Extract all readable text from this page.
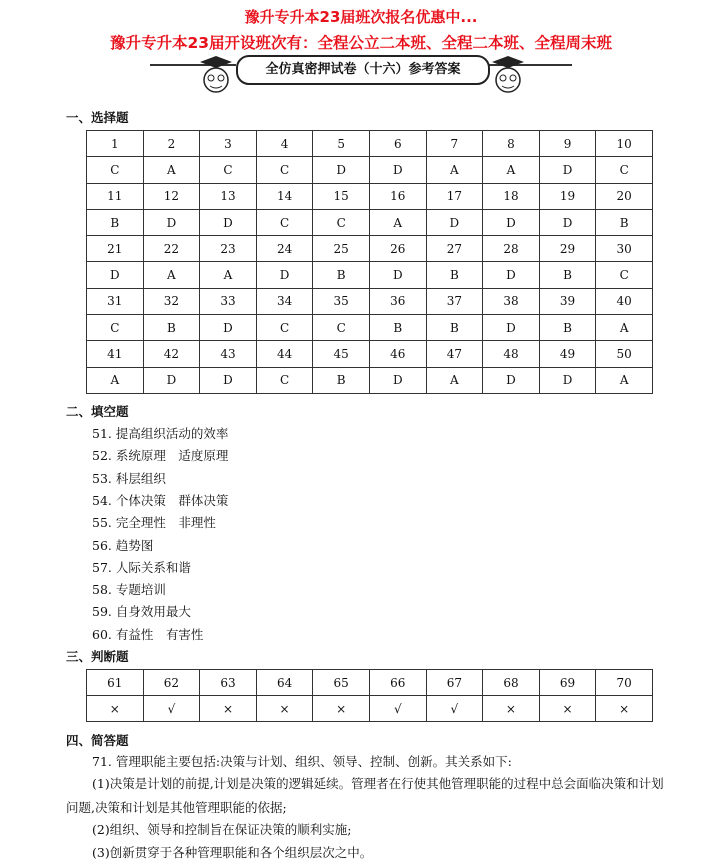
豫升专升本23届班次报名优惠中...
豫升专升本23届开设班次有：全程公立二本班、全程二本班、全程周末班
全仿真密押试卷（十六）参考答案
一、选择题
1	2	3	4	5	6	7	8	9	10
C	A	C	C	D	D	A	A	D	C
11	12	13	14	15	16	17	18	19	20
B	D	D	C	C	A	D	D	D	B
21	22	23	24	25	26	27	28	29	30
D	A	A	D	B	D	B	D	B	C
31	32	33	34	35	36	37	38	39	40
C	B	D	C	C	B	B	D	B	A
41	42	43	44	45	46	47	48	49	50
A	D	D	C	B	D	A	D	D	A
二、填空题
51. 提高组织活动的效率
52. 系统原理　适度原理
53. 科层组织
54. 个体决策　群体决策
55. 完全理性　非理性
56. 趋势图
57. 人际关系和谐
58. 专题培训
59. 自身效用最大
60. 有益性　有害性
三、判断题
61	62	63	64	65	66	67	68	69	70
×	√	×	×	×	√	√	×	×	×
四、简答题
71. 管理职能主要包括:决策与计划、组织、领导、控制、创新。其关系如下:
(1)决策是计划的前提,计划是决策的逻辑延续。管理者在行使其他管理职能的过程中总会面临决策和计划问题,决策和计划是其他管理职能的依据;
(2)组织、领导和控制旨在保证决策的顺利实施;
(3)创新贯穿于各种管理职能和各个组织层次之中。
